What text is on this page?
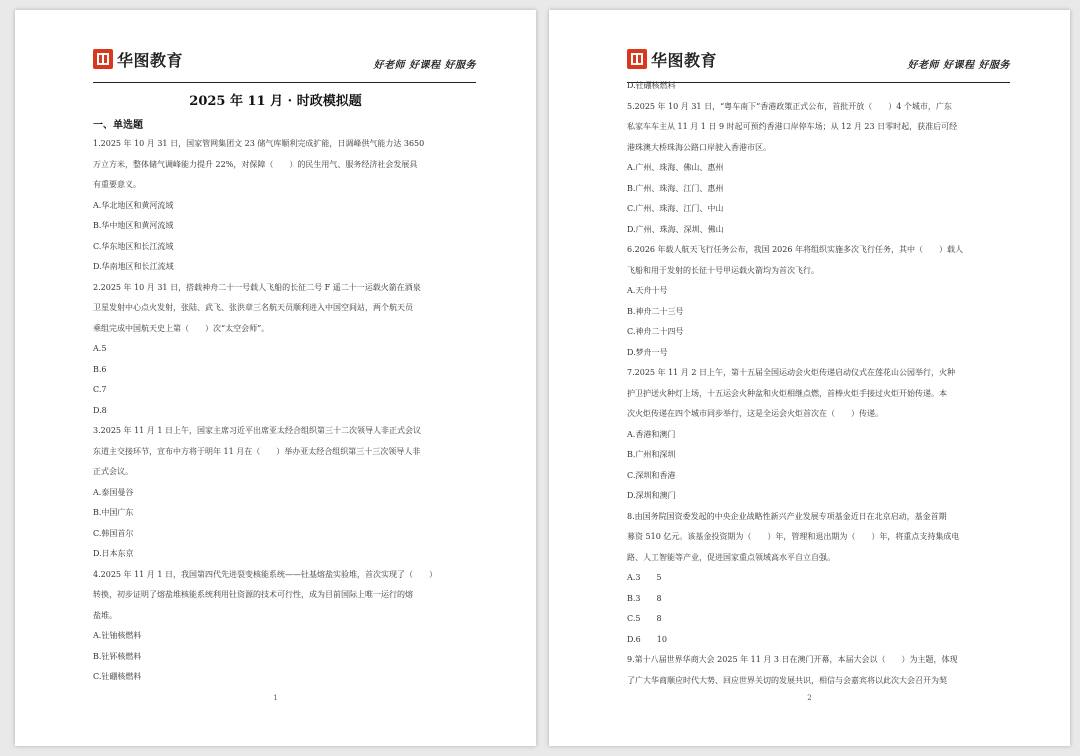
华图教育	好老师 好课程 好服务
2025 年 11 月 · 时政模拟题
一、单选题

1.2025 年 10 月 31 日，国家管网集团文 23 储气库顺利完成扩能，日调峰供气能力达 3650

万立方米，整体储气调峰能力提升 22%，对保障（　　）的民生用气、服务经济社会发展具

有重要意义。

A.华北地区和黄河流域

B.华中地区和黄河流域

C.华东地区和长江流域

D.华南地区和长江流域

2.2025 年 10 月 31 日，搭载神舟二十一号载人飞船的长征二号 F 遥二十一运载火箭在酒泉

卫星发射中心点火发射，张陆、武飞、张洪章三名航天员顺利进入中国空间站，两个航天员

乘组完成中国航天史上第（　　）次“太空会师”。

A.5

B.6

C.7

D.8

3.2025 年 11 月 1 日上午，国家主席习近平出席亚太经合组织第三十二次领导人非正式会议

东道主交接环节，宣布中方将于明年 11 月在（　　）举办亚太经合组织第三十三次领导人非

正式会议。

A.泰国曼谷

B.中国广东

C.韩国首尔

D.日本东京

4.2025 年 11 月 1 日，我国第四代先进裂变核能系统——钍基熔盐实验堆，首次实现了（　　）

转换，初步证明了熔盐堆核能系统利用钍资源的技术可行性，成为目前国际上唯一运行的熔

盐堆。

A.钍铀核燃料

B.钍钚核燃料

C.钍硼核燃料

1
华图教育	好老师 好课程 好服务

D.钍硼核燃料

5.2025 年 10 月 31 日，“粤车南下”香港政策正式公布，首批开放（　　）4 个城市，广东

私家车车主从 11 月 1 日 9 时起可预约香港口岸停车场；从 12 月 23 日零时起，获准后可经

港珠澳大桥珠海公路口岸驶入香港市区。

A.广州、珠海、佛山、惠州

B.广州、珠海、江门、惠州

C.广州、珠海、江门、中山

D.广州、珠海、深圳、佛山

6.2026 年载人航天飞行任务公布，我国 2026 年将组织实施多次飞行任务，其中（　　）载人

飞船和用于发射的长征十号甲运载火箭均为首次飞行。

A.天舟十号

B.神舟二十三号

C.神舟二十四号

D.梦舟一号

7.2025 年 11 月 2 日上午，第十五届全国运动会火炬传递启动仪式在莲花山公园举行，火种

护卫护送火种灯上场，十五运会火种盆和火炬相继点燃，首棒火炬手接过火炬开始传递。本

次火炬传递在四个城市同步举行，这是全运会火炬首次在（　　）传递。

A.香港和澳门

B.广州和深圳

C.深圳和香港

D.深圳和澳门

8.由国务院国资委发起的中央企业战略性新兴产业发展专项基金近日在北京启动，基金首期

募资 510 亿元。该基金投资期为（　　）年，管理和退出期为（　　）年，将重点支持集成电

路、人工智能等产业，促进国家重点领域高水平自立自强。

A.3　　5

B.3　　8

C.5　　8

D.6　　10

9.第十八届世界华商大会 2025 年 11 月 3 日在澳门开幕，本届大会以（　　）为主题，体现

了广大华商顺应时代大势、回应世界关切的发展共识，相信与会嘉宾将以此次大会召开为契

2
